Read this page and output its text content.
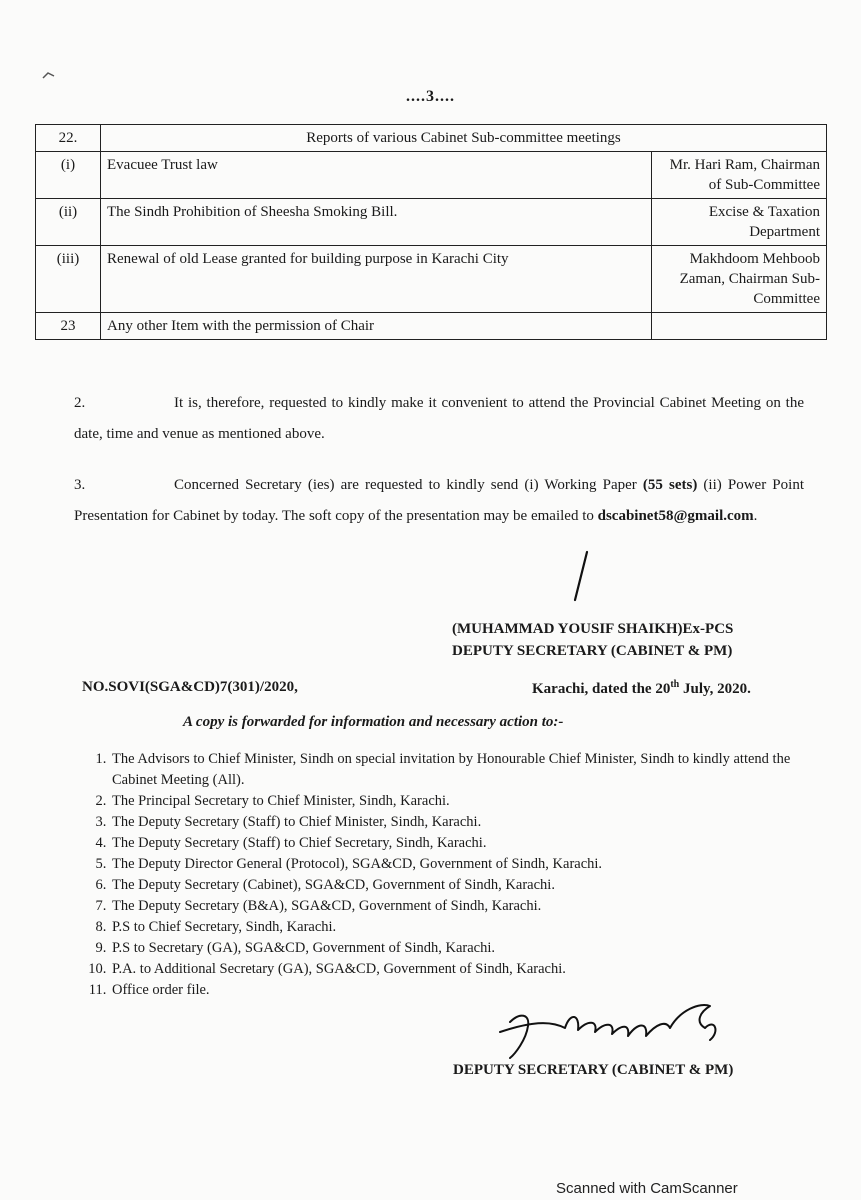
....3....
22.	Reports of various Cabinet Sub-committee meetings	
(i)	Evacuee Trust law	Mr. Hari Ram, Chairman of Sub-Committee
(ii)	The Sindh Prohibition of Sheesha Smoking Bill.	Excise & Taxation Department
(iii)	Renewal of old Lease granted for building purpose in Karachi City	Makhdoom Mehboob Zaman, Chairman Sub-Committee
23	Any other Item with the permission of Chair	
2.	It is, therefore, requested to kindly make it convenient to attend the Provincial Cabinet Meeting on the date, time and venue as mentioned above.
3.	Concerned Secretary (ies) are requested to kindly send (i) Working Paper (55 sets) (ii) Power Point Presentation for Cabinet by today. The soft copy of the presentation may be emailed to dscabinet58@gmail.com.
(MUHAMMAD YOUSIF SHAIKH)Ex-PCS
DEPUTY SECRETARY (CABINET & PM)
NO.SOVI(SGA&CD)7(301)/2020,	Karachi, dated the 20th July, 2020.
A copy is forwarded for information and necessary action to:-
1. The Advisors to Chief Minister, Sindh on special invitation by Honourable Chief Minister, Sindh to kindly attend the Cabinet Meeting (All).
2. The Principal Secretary to Chief Minister, Sindh, Karachi.
3. The Deputy Secretary (Staff) to Chief Minister, Sindh, Karachi.
4. The Deputy Secretary (Staff) to Chief Secretary, Sindh, Karachi.
5. The Deputy Director General (Protocol), SGA&CD, Government of Sindh, Karachi.
6. The Deputy Secretary (Cabinet), SGA&CD, Government of Sindh, Karachi.
7. The Deputy Secretary (B&A), SGA&CD, Government of Sindh, Karachi.
8. P.S to Chief Secretary, Sindh, Karachi.
9. P.S to Secretary (GA), SGA&CD, Government of Sindh, Karachi.
10. P.A. to Additional Secretary (GA), SGA&CD, Government of Sindh, Karachi.
11. Office order file.
DEPUTY SECRETARY (CABINET & PM)
Scanned with CamScanner
